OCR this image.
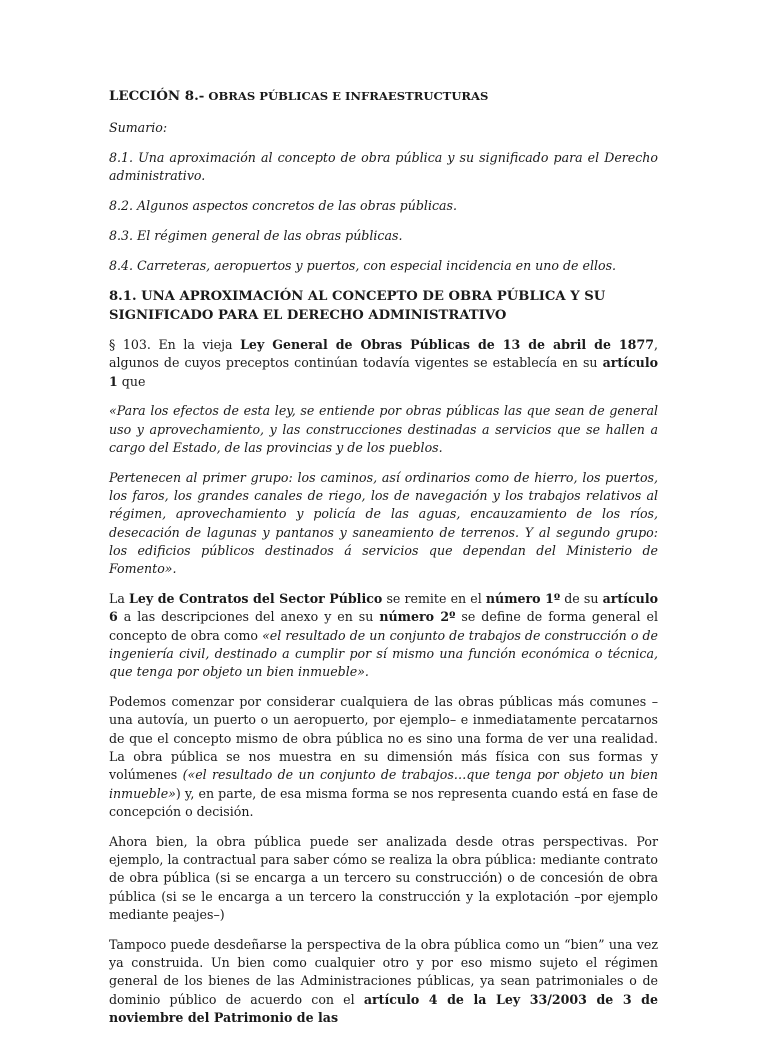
LECCIÓN 8.- OBRAS PÚBLICAS E INFRAESTRUCTURAS

Sumario:

8.1. Una aproximación al concepto de obra pública y su significado para el Derecho administrativo.

8.2. Algunos aspectos concretos de las obras públicas.

8.3. El régimen general de las obras públicas.

8.4. Carreteras, aeropuertos y puertos, con especial incidencia en uno de ellos.

8.1. UNA APROXIMACIÓN AL CONCEPTO DE OBRA PÚBLICA Y SU SIGNIFICADO PARA EL DERECHO ADMINISTRATIVO

§ 103. En la vieja Ley General de Obras Públicas de 13 de abril de 1877, algunos de cuyos preceptos continúan todavía vigentes se establecía en su artículo 1 que

«Para los efectos de esta ley, se entiende por obras públicas las que sean de general uso y aprovechamiento, y las construcciones destinadas a servicios que se hallen a cargo del Estado, de las provincias y de los pueblos.

Pertenecen al primer grupo: los caminos, así ordinarios como de hierro, los puertos, los faros, los grandes canales de riego, los de navegación y los trabajos relativos al régimen, aprovechamiento y policía de las aguas, encauzamiento de los ríos, desecación de lagunas y pantanos y saneamiento de terrenos. Y al segundo grupo: los edificios públicos destinados á servicios que dependan del Ministerio de Fomento».

La Ley de Contratos del Sector Público se remite en el número 1º de su artículo 6 a las descripciones del anexo y en su número 2º se define de forma general el concepto de obra como «el resultado de un conjunto de trabajos de construcción o de ingeniería civil, destinado a cumplir por sí mismo una función económica o técnica, que tenga por objeto un bien inmueble».

Podemos comenzar por considerar cualquiera de las obras públicas más comunes –una autovía, un puerto o un aeropuerto, por ejemplo– e inmediatamente percatarnos de que el concepto mismo de obra pública no es sino una forma de ver una realidad. La obra pública se nos muestra en su dimensión más física con sus formas y volúmenes («el resultado de un conjunto de trabajos…que tenga por objeto un bien inmueble») y, en parte, de esa misma forma se nos representa cuando está en fase de concepción o decisión.

Ahora bien, la obra pública puede ser analizada desde otras perspectivas. Por ejemplo, la contractual para saber cómo se realiza la obra pública: mediante contrato de obra pública (si se encarga a un tercero su construcción) o de concesión de obra pública (si se le encarga a un tercero la construcción y la explotación –por ejemplo mediante peajes–)

Tampoco puede desdeñarse la perspectiva de la obra pública como un “bien” una vez ya construida. Un bien como cualquier otro y por eso mismo sujeto el régimen general de los bienes de las Administraciones públicas, ya sean patrimoniales o de dominio público de acuerdo con el artículo 4 de la Ley 33/2003 de 3 de noviembre del Patrimonio de las
